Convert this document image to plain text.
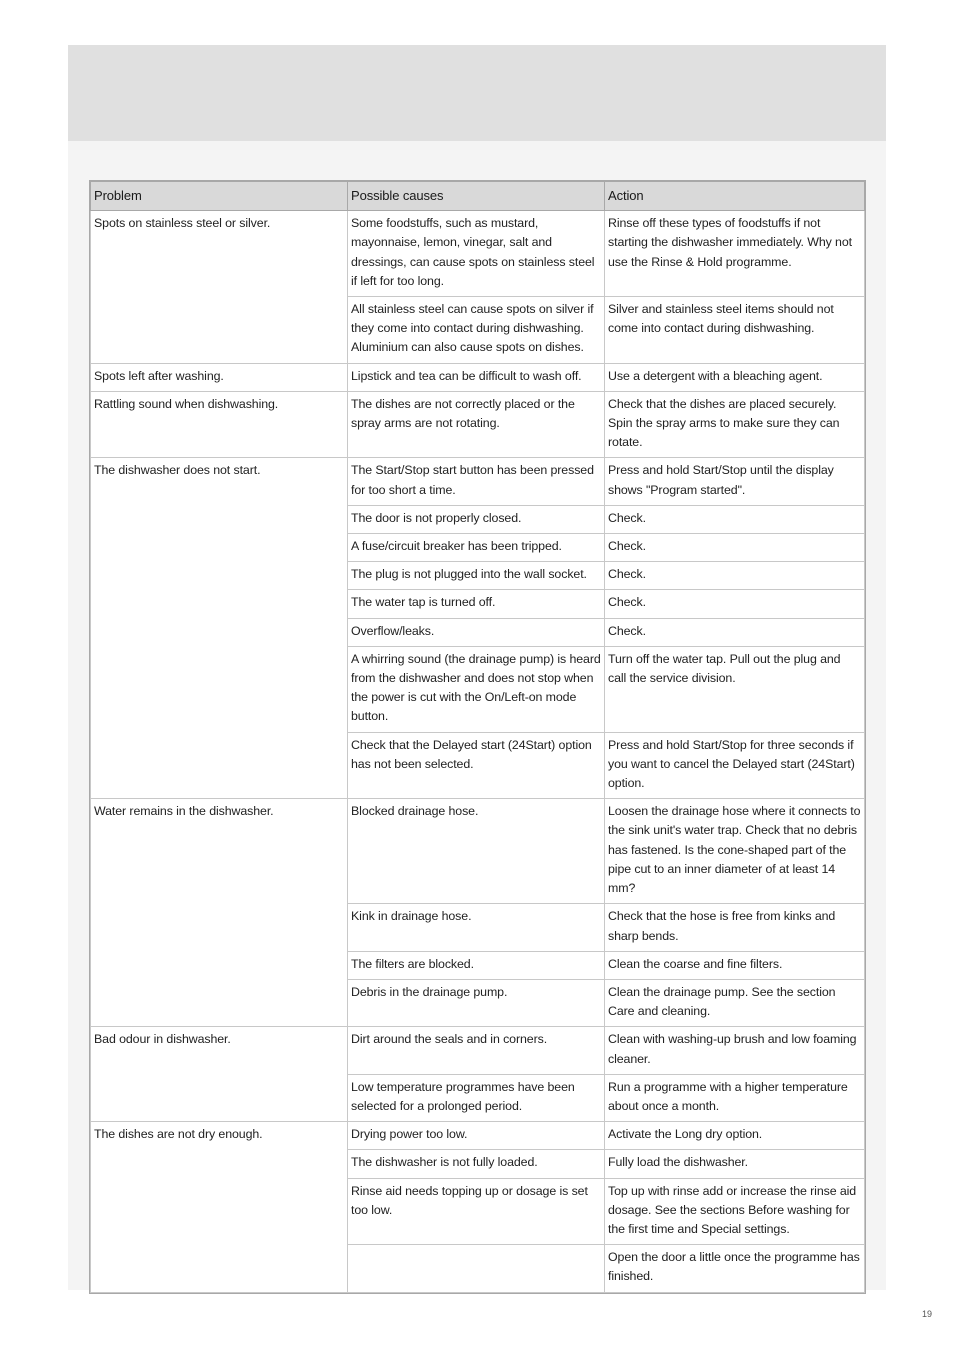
Problem	Possible causes	Action
Spots on stainless steel or silver.	Some foodstuffs, such as mustard, mayonnaise, lemon, vinegar, salt and dressings, can cause spots on stainless steel if left for too long.	Rinse off these types of foodstuffs if not starting the dishwasher immediately. Why not use the Rinse & Hold programme.
	All stainless steel can cause spots on silver if they come into contact during dishwashing. Aluminium can also cause spots on dishes.	Silver and stainless steel items should not come into contact during dishwashing.
Spots left after washing.	Lipstick and tea can be difficult to wash off.	Use a detergent with a bleaching agent.
Rattling sound when dishwashing.	The dishes are not correctly placed or the spray arms are not rotating.	Check that the dishes are placed securely. Spin the spray arms to make sure they can rotate.
The dishwasher does not start.	The Start/Stop start button has been pressed for too short a time.	Press and hold Start/Stop until the display shows "Program started".
	The door is not properly closed.	Check.
	A fuse/circuit breaker has been tripped.	Check.
	The plug is not plugged into the wall socket.	Check.
	The water tap is turned off.	Check.
	Overflow/leaks.	Check.
	A whirring sound (the drainage pump) is heard from the dishwasher and does not stop when the power is cut with the On/Left-on mode button.	Turn off the water tap. Pull out the plug and call the service division.
	Check that the Delayed start (24Start) option has not been selected.	Press and hold Start/Stop for three seconds if you want to cancel the Delayed start (24Start) option.
Water remains in the dishwasher.	Blocked drainage hose.	Loosen the drainage hose where it connects to the sink unit's water trap. Check that no debris has fastened. Is the cone-shaped part of the pipe cut to an inner diameter of at least 14 mm?
	Kink in drainage hose.	Check that the hose is free from kinks and sharp bends.
	The filters are blocked.	Clean the coarse and fine filters.
	Debris in the drainage pump.	Clean the drainage pump. See the section Care and cleaning.
Bad odour in dishwasher.	Dirt around the seals and in corners.	Clean with washing-up brush and low foaming cleaner.
	Low temperature programmes have been selected for a prolonged period.	Run a programme with a higher temperature about once a month.
The dishes are not dry enough.	Drying power too low.	Activate the Long dry option.
	The dishwasher is not fully loaded.	Fully load the dishwasher.
	Rinse aid needs topping up or dosage is set too low.	Top up with rinse add or increase the rinse aid dosage. See the sections Before washing for the first time and Special settings.
		Open the door a little once the programme has finished.
19
